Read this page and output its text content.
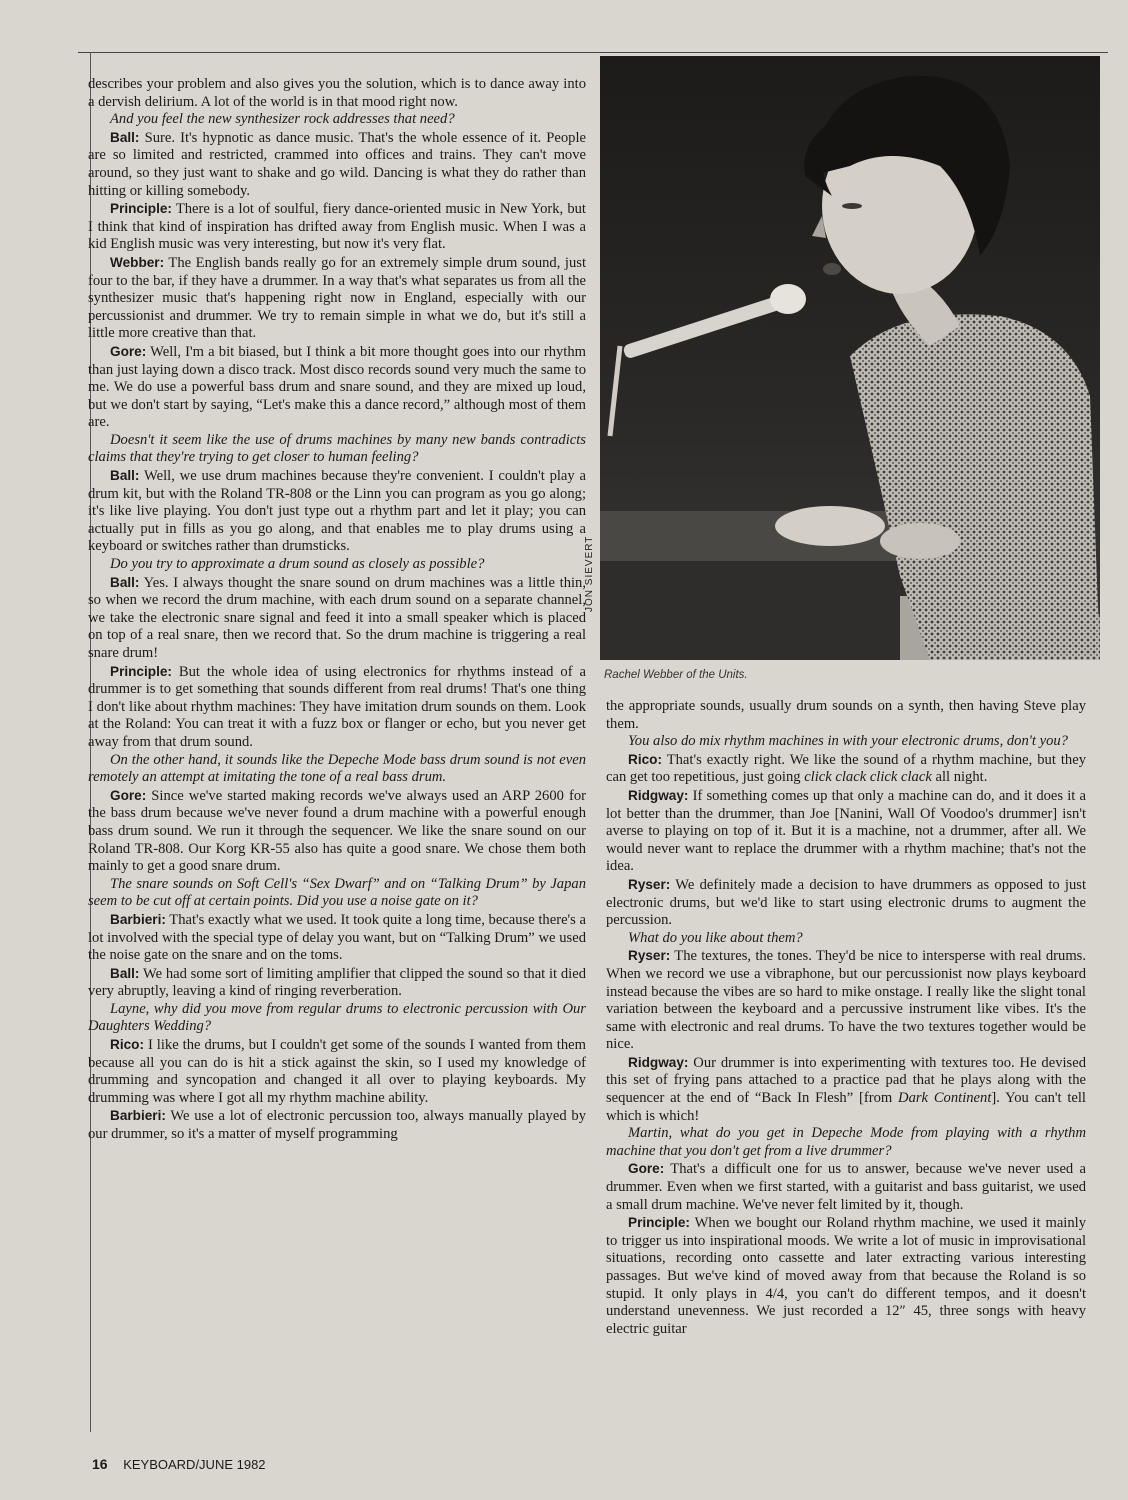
describes your problem and also gives you the solution, which is to dance away into a dervish delirium. A lot of the world is in that mood right now.

And you feel the new synthesizer rock addresses that need?

Ball: Sure. It's hypnotic as dance music. That's the whole essence of it. People are so limited and restricted, crammed into offices and trains. They can't move around, so they just want to shake and go wild. Dancing is what they do rather than hitting or killing somebody.

Principle: There is a lot of soulful, fiery dance-oriented music in New York, but I think that kind of inspiration has drifted away from English music. When I was a kid English music was very interesting, but now it's very flat.

Webber: The English bands really go for an extremely simple drum sound, just four to the bar, if they have a drummer. In a way that's what separates us from all the synthesizer music that's happening right now in England, especially with our percussionist and drummer. We try to remain simple in what we do, but it's still a little more creative than that.

Gore: Well, I'm a bit biased, but I think a bit more thought goes into our rhythm than just laying down a disco track. Most disco records sound very much the same to me. We do use a powerful bass drum and snare sound, and they are mixed up loud, but we don't start by saying, “Let's make this a dance record,” although most of them are.

Doesn't it seem like the use of drums machines by many new bands contradicts claims that they're trying to get closer to human feeling?

Ball: Well, we use drum machines because they're convenient. I couldn't play a drum kit, but with the Roland TR-808 or the Linn you can program as you go along; it's like live playing. You don't just type out a rhythm part and let it play; you can actually put in fills as you go along, and that enables me to play drums using a keyboard or switches rather than drumsticks.

Do you try to approximate a drum sound as closely as possible?

Ball: Yes. I always thought the snare sound on drum machines was a little thin, so when we record the drum machine, with each drum sound on a separate channel, we take the electronic snare signal and feed it into a small speaker which is placed on top of a real snare, then we record that. So the drum machine is triggering a real snare drum!

Principle: But the whole idea of using electronics for rhythms instead of a drummer is to get something that sounds different from real drums! That's one thing I don't like about rhythm machines: They have imitation drum sounds on them. Look at the Roland: You can treat it with a fuzz box or flanger or echo, but you never get away from that drum sound.

On the other hand, it sounds like the Depeche Mode bass drum sound is not even remotely an attempt at imitating the tone of a real bass drum.

Gore: Since we've started making records we've always used an ARP 2600 for the bass drum because we've never found a drum machine with a powerful enough bass drum sound. We run it through the sequencer. We like the snare sound on our Roland TR-808. Our Korg KR-55 also has quite a good snare. We chose them both mainly to get a good snare drum.

The snare sounds on Soft Cell's “Sex Dwarf” and on “Talking Drum” by Japan seem to be cut off at certain points. Did you use a noise gate on it?

Barbieri: That's exactly what we used. It took quite a long time, because there's a lot involved with the special type of delay you want, but on “Talking Drum” we used the noise gate on the snare and on the toms.

Ball: We had some sort of limiting amplifier that clipped the sound so that it died very abruptly, leaving a kind of ringing reverberation.

Layne, why did you move from regular drums to electronic percussion with Our Daughters Wedding?

Rico: I like the drums, but I couldn't get some of the sounds I wanted from them because all you can do is hit a stick against the skin, so I used my knowledge of drumming and syncopation and changed it all over to playing keyboards. My drumming was where I got all my rhythm machine ability.

Barbieri: We use a lot of electronic percussion too, always manually played by our drummer, so it's a matter of myself programming

JON SIEVERT
Rachel Webber of the Units.

the appropriate sounds, usually drum sounds on a synth, then having Steve play them.

You also do mix rhythm machines in with your electronic drums, don't you?

Rico: That's exactly right. We like the sound of a rhythm machine, but they can get too repetitious, just going click clack click clack all night.

Ridgway: If something comes up that only a machine can do, and it does it a lot better than the drummer, than Joe [Nanini, Wall Of Voodoo's drummer] isn't averse to playing on top of it. But it is a machine, not a drummer, after all. We would never want to replace the drummer with a rhythm machine; that's not the idea.

Ryser: We definitely made a decision to have drummers as opposed to just electronic drums, but we'd like to start using electronic drums to augment the percussion.

What do you like about them?

Ryser: The textures, the tones. They'd be nice to intersperse with real drums. When we record we use a vibraphone, but our percussionist now plays keyboard instead because the vibes are so hard to mike onstage. I really like the slight tonal variation between the keyboard and a percussive instrument like vibes. It's the same with electronic and real drums. To have the two textures together would be nice.

Ridgway: Our drummer is into experimenting with textures too. He devised this set of frying pans attached to a practice pad that he plays along with the sequencer at the end of “Back In Flesh” [from Dark Continent]. You can't tell which is which!

Martin, what do you get in Depeche Mode from playing with a rhythm machine that you don't get from a live drummer?

Gore: That's a difficult one for us to answer, because we've never used a drummer. Even when we first started, with a guitarist and bass guitarist, we used a small drum machine. We've never felt limited by it, though.

Principle: When we bought our Roland rhythm machine, we used it mainly to trigger us into inspirational moods. We write a lot of music in improvisational situations, recording onto cassette and later extracting various interesting passages. But we've kind of moved away from that because the Roland is so stupid. It only plays in 4/4, you can't do different tempos, and it doesn't understand unevenness. We just recorded a 12″ 45, three songs with heavy electric guitar

16 KEYBOARD/JUNE 1982
